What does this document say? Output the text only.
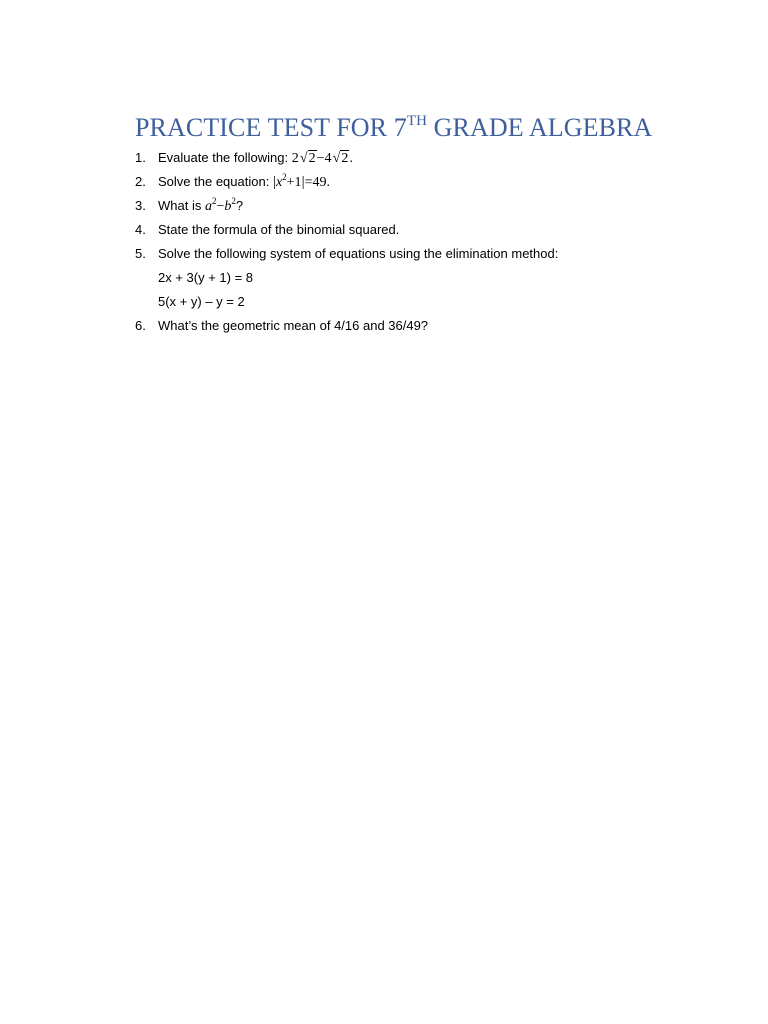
PRACTICE TEST FOR 7TH GRADE ALGEBRA
1. Evaluate the following: 2 √2−4 √2.
2. Solve the equation: $|x^2+1|=49$.
3. What is $a^2-b^2$?
4. State the formula of the binomial squared.
5. Solve the following system of equations using the elimination method:
2x + 3(y + 1) = 8
5(x + y) – y = 2
6. What’s the geometric mean of 4/16 and 36/49?
